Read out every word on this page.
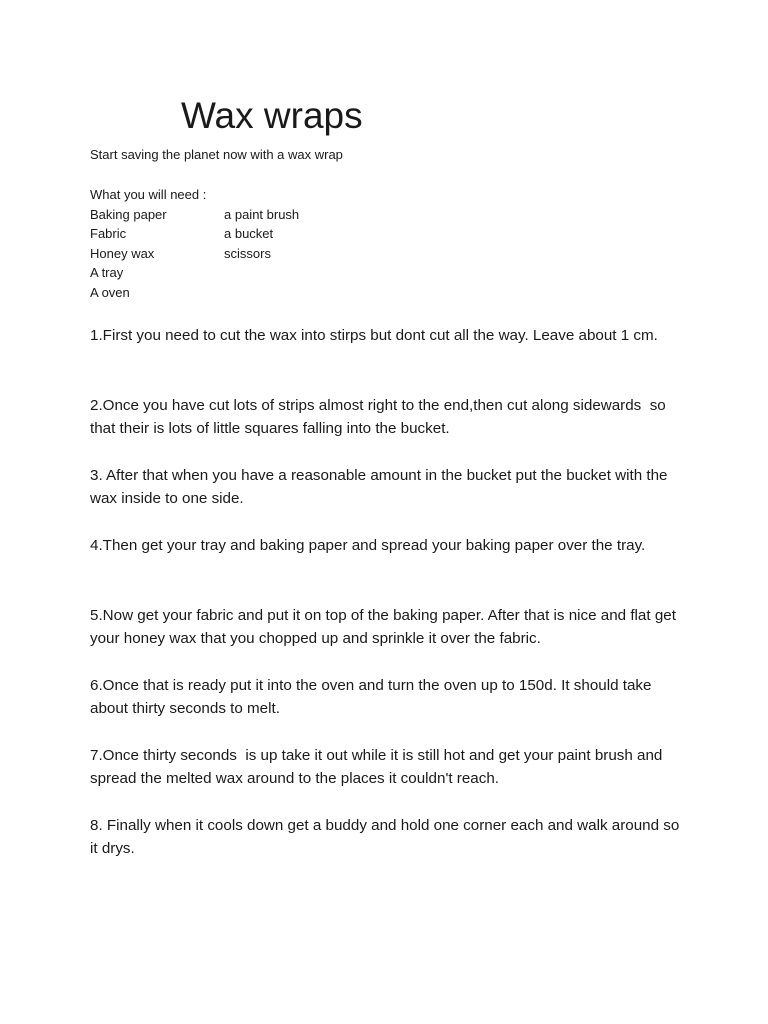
Wax wraps

Start saving the planet now with a wax wrap

What you will need :
Baking paper	a paint brush
Fabric	a bucket
Honey wax	scissors
A tray
A oven
1.First you need to cut the wax into stirps but dont cut all the way. Leave about 1 cm.
2.Once you have cut lots of strips almost right to the end,then cut along sidewards  so that their is lots of little squares falling into the bucket.
3. After that when you have a reasonable amount in the bucket put the bucket with the wax inside to one side.
4.Then get your tray and baking paper and spread your baking paper over the tray.
5.Now get your fabric and put it on top of the baking paper. After that is nice and flat get your honey wax that you chopped up and sprinkle it over the fabric.
6.Once that is ready put it into the oven and turn the oven up to 150d. It should take about thirty seconds to melt.
7.Once thirty seconds  is up take it out while it is still hot and get your paint brush and spread the melted wax around to the places it couldn't reach.
8. Finally when it cools down get a buddy and hold one corner each and walk around so it drys.
